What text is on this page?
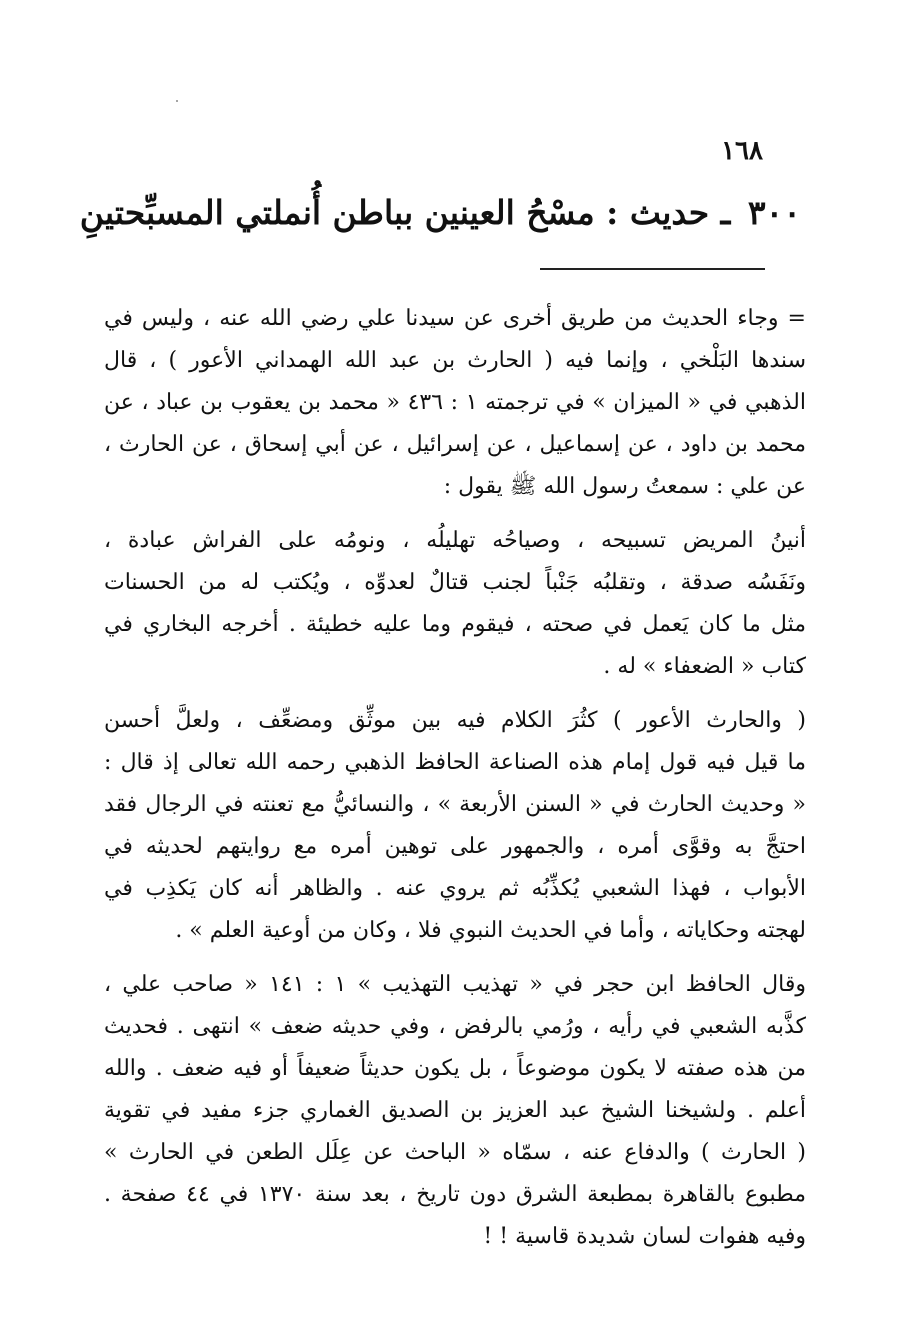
١٦٨
٣٠٠ ـ حديث : مسْحُ العينين بباطن أُنملتي المسبِّحتينِ
= وجاء الحديث من طريق أخرى عن سيدنا علي رضي الله عنه ، وليس في
سندها البَلْخي ، وإنما فيه ( الحارث بن عبد الله الهمداني الأعور ) ، قال
الذهبي في « الميزان » في ترجمته ١ : ٤٣٦ « محمد بن يعقوب بن عباد ، عن
محمد بن داود ، عن إسماعيل ، عن إسرائيل ، عن أبي إسحاق ، عن الحارث ،
عن علي : سمعتُ رسول الله ﷺ يقول :
أنينُ المريض تسبيحه ، وصياحُه تهليلُه ، ونومُه على الفراش عبادة ،
ونَفَسُه صدقة ، وتقلبُه جَنْباً لجنب قتالٌ لعدوِّه ، ويُكتب له من الحسنات
مثل ما كان يَعمل في صحته ، فيقوم وما عليه خطيئة . أخرجه البخاري في
كتاب « الضعفاء » له .
( والحارث الأعور ) كثُرَ الكلام فيه بين موثِّق ومضعِّف ، ولعلَّ أحسن
ما قيل فيه قول إمام هذه الصناعة الحافظ الذهبي رحمه الله تعالى إذ قال :
« وحديث الحارث في « السنن الأربعة » ، والنسائيُّ مع تعنته في الرجال فقد
احتجَّ به وقوَّى أمره ، والجمهور على توهين أمره مع روايتهم لحديثه في
الأبواب ، فهذا الشعبي يُكذِّبُه ثم يروي عنه . والظاهر أنه كان يَكذِب في
لهجته وحكاياته ، وأما في الحديث النبوي فلا ، وكان من أوعية العلم » .
وقال الحافظ ابن حجر في « تهذيب التهذيب » ١ : ١٤١ « صاحب علي ،
كذَّبه الشعبي في رأيه ، ورُمي بالرفض ، وفي حديثه ضعف » انتهى . فحديث
من هذه صفته لا يكون موضوعاً ، بل يكون حديثاً ضعيفاً أو فيه ضعف . والله
أعلم . ولشيخنا الشيخ عبد العزيز بن الصديق الغماري جزء مفيد في تقوية
( الحارث ) والدفاع عنه ، سمّاه « الباحث عن عِلَل الطعن في الحارث »
مطبوع بالقاهرة بمطبعة الشرق دون تاريخ ، بعد سنة ١٣٧٠ في ٤٤ صفحة .
وفيه هفوات لسان شديدة قاسية ! !
